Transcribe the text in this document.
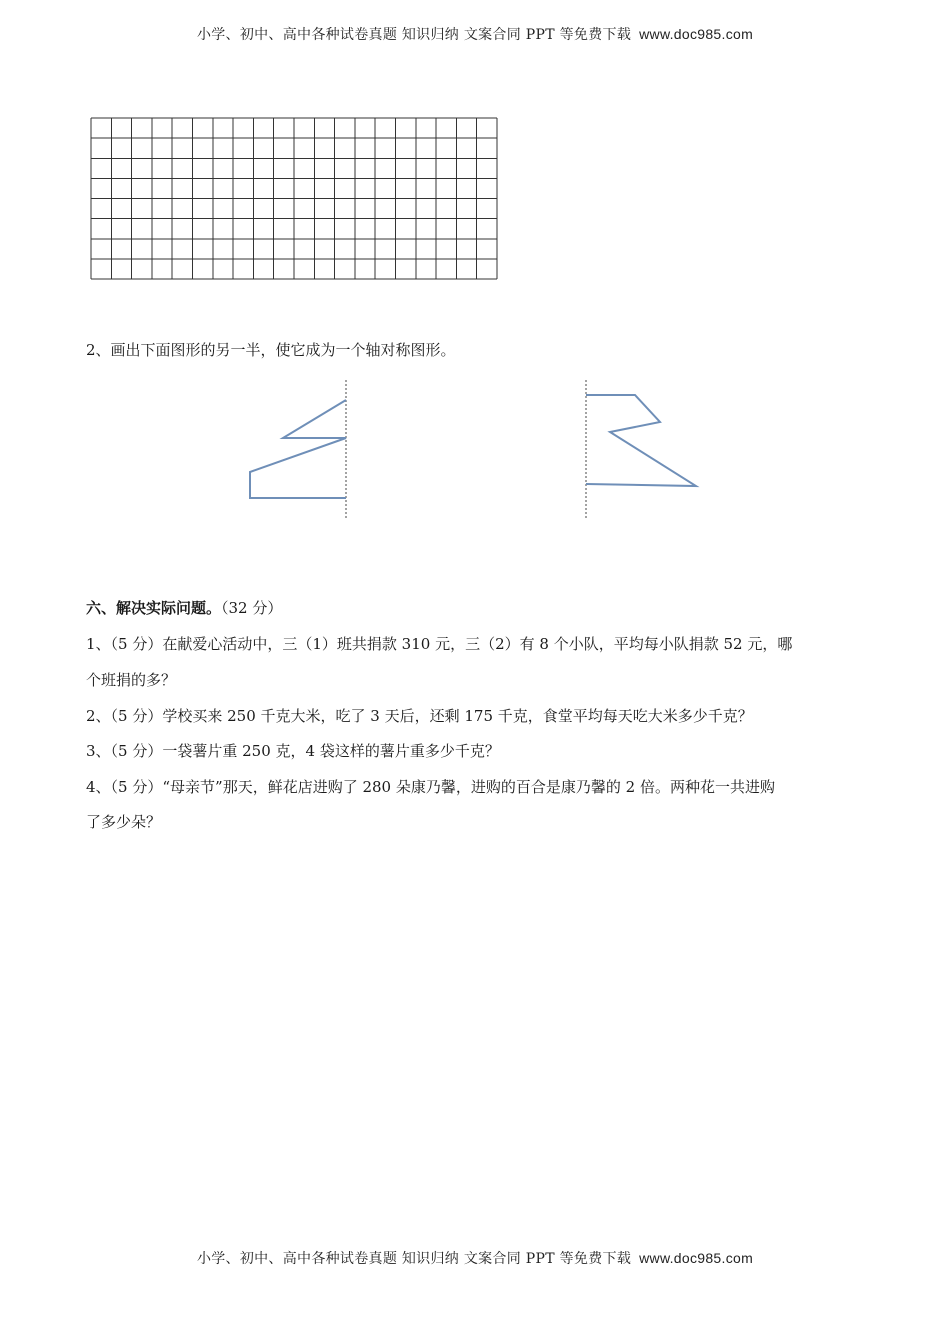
小学、初中、高中各种试卷真题 知识归纳 文案合同 PPT 等免费下载 www.doc985.com
2、画出下面图形的另一半，使它成为一个轴对称图形。
六、解决实际问题。（32 分）
1、（5 分）在献爱心活动中，三（1）班共捐款 310 元，三（2）有 8 个小队，平均每小队捐款 52 元，哪
个班捐的多？
2、（5 分）学校买来 250 千克大米，吃了 3 天后，还剩 175 千克，食堂平均每天吃大米多少千克？
3、（5 分）一袋薯片重 250 克，4 袋这样的薯片重多少千克？
4、（5 分）“母亲节”那天，鲜花店进购了 280 朵康乃馨，进购的百合是康乃馨的 2 倍。两种花一共进购
了多少朵？
小学、初中、高中各种试卷真题 知识归纳 文案合同 PPT 等免费下载 www.doc985.com
